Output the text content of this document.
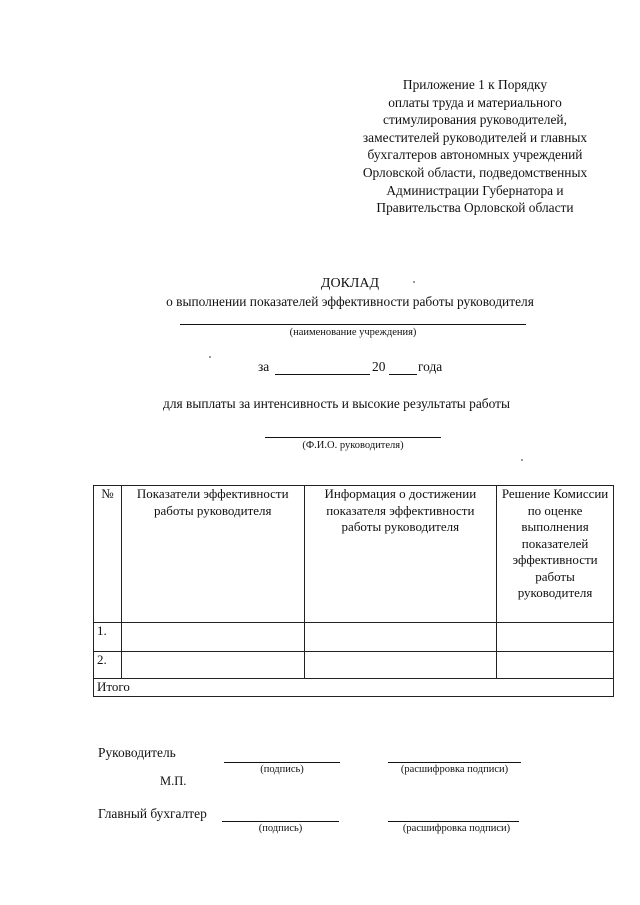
Приложение 1 к Порядку
оплаты труда и материального
стимулирования руководителей,
заместителей руководителей и главных
бухгалтеров автономных учреждений
Орловской области, подведомственных
Администрации Губернатора и
Правительства Орловской области
ДОКЛАД
о выполнении показателей эффективности работы руководителя
(наименование учреждения)
за	20 года
для выплаты за интенсивность и высокие результаты работы
(Ф.И.О. руководителя)
№	Показатели эффективности работы руководителя	Информация о достижении показателя эффективности работы руководителя	Решение Комиссии по оценке выполнения показателей эффективности работы руководителя
1.			
2.			
Итого			
Руководитель
(подпись)	(расшифровка подписи)
М.П.
Главный бухгалтер
(подпись)	(расшифровка подписи)
